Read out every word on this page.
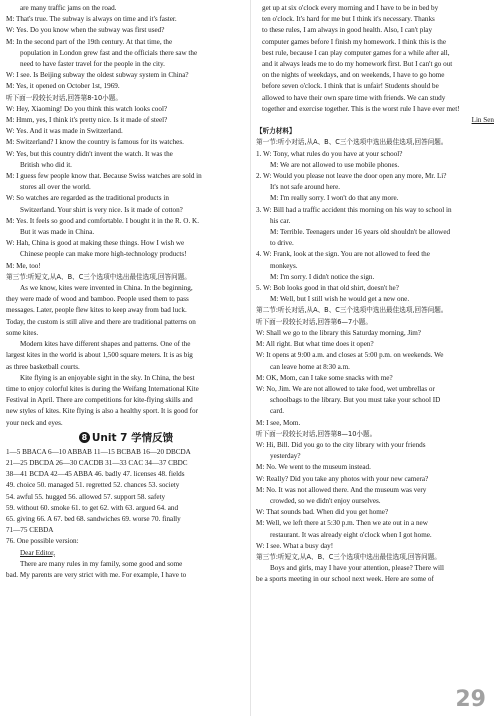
are many traffic jams on the road.
M: That's true. The subway is always on time and it's faster.
W: Yes. Do you know when the subway was first used?
M: In the second part of the 19th century. At that time, the
population in London grew fast and the officials there saw the
need to have faster travel for the people in the city.
W: I see. Is Beijing subway the oldest subway system in China?
M: Yes, it opened on October 1st, 1969.
听下面一段较长对话,回答第8-10小题。
W: Hey, Xiaoming! Do you think this watch looks cool?
M: Hmm, yes, I think it's pretty nice. Is it made of steel?
W: Yes. And it was made in Switzerland.
M: Switzerland? I know the country is famous for its watches.
W: Yes, but this country didn't invent the watch. It was the
British who did it.
M: I guess few people know that. Because Swiss watches are sold in
stores all over the world.
W: So watches are regarded as the traditional products in
Switzerland. Your shirt is very nice. Is it made of cotton?
M: Yes. It feels so good and comfortable. I bought it in the R. O. K.
But it was made in China.
W: Hah, China is good at making these things. How I wish we
Chinese people can make more high-technology products!
M: Me, too!
第三节:听短文,从A、B、C三个选项中选出最佳选项,回答问题。
As we know, kites were invented in China. In the beginning,
they were made of wood and bamboo. People used them to pass
messages. Later, people flew kites to keep away from bad luck.
Today, the custom is still alive and there are traditional patterns on
some kites.
Modern kites have different shapes and patterns. One of the
largest kites in the world is about 1,500 square meters. It is as big
as three basketball courts.
Kite flying is an enjoyable sight in the sky. In China, the best
time to enjoy colorful kites is during the Weifang International Kite
Festival in April. There are competitions for kite-flying skills and
new styles of kites. Kite flying is also a healthy sport. It is good for
your neck and eyes.
8 Unit 7 学情反馈
1—5 BBACA 6—10 ABBAB 11—15 BCBAB 16—20 DBCDA
21—25 DBCDA 26—30 CACDB 31—33 CAC 34—37 CBDC
38—41 BCDA 42—45 ABBA 46. badly 47. licenses 48. fields
49. choice 50. managed 51. regretted 52. chances 53. society
54. awful 55. hugged 56. allowed 57. support 58. safety
59. without 60. smoke 61. to get 62. with 63. argued 64. and
65. giving 66. A 67. bed 68. sandwiches 69. worse 70. finally
71—75 CEBDA
76. One possible version:
Dear Editor,
There are many rules in my family, some good and some
bad. My parents are very strict with me. For example, I have to
get up at six o'clock every morning and I have to be in bed by
ten o'clock. It's hard for me but I think it's necessary. Thanks
to these rules, I am always in good health. Also, I can't play
computer games before I finish my homework. I think this is the
best rule, because I can play computer games for a while after all,
and it always leads me to do my homework first. But I can't go out
on the nights of weekdays, and on weekends, I have to go home
before seven o'clock. I think that is unfair! Students should be
allowed to have their own spare time with friends. We can study
together and exercise together. This is the worst rule I have ever met!
Lin Sen
【听力材料】
第一节:听小对话,从A、B、C三个选项中选出最佳选项,回答问题。
1. W: Tony, what rules do you have at your school?
M: We are not allowed to use mobile phones.
2. W: Would you please not leave the door open any more, Mr. Li?
It's not safe around here.
M: I'm really sorry. I won't do that any more.
3. W: Bill had a traffic accident this morning on his way to school in
his car.
M: Terrible. Teenagers under 16 years old shouldn't be allowed
to drive.
4. W: Frank, look at the sign. You are not allowed to feed the
monkeys.
M: I'm sorry. I didn't notice the sign.
5. W: Bob looks good in that old shirt, doesn't he?
M: Well, but I still wish he would get a new one.
第二节:听长对话,从A、B、C三个选项中选出最佳选项,回答问题。
听下面一段较长对话,回答第6—7小题。
W: Shall we go to the library this Saturday morning, Jim?
M: All right. But what time does it open?
W: It opens at 9:00 a.m. and closes at 5:00 p.m. on weekends. We
can leave home at 8:30 a.m.
M: OK, Mom, can I take some snacks with me?
W: No, Jim. We are not allowed to take food, wet umbrellas or
schoolbags to the library. But you must take your school ID
card.
M: I see, Mom.
听下面一段较长对话,回答第8—10小题。
W: Hi, Bill. Did you go to the city library with your friends
yesterday?
M: No. We went to the museum instead.
W: Really? Did you take any photos with your new camera?
M: No. It was not allowed there. And the museum was very
crowded, so we didn't enjoy ourselves.
W: That sounds bad. When did you get home?
M: Well, we left there at 5:30 p.m. Then we ate out in a new
restaurant. It was already eight o'clock when I got home.
W: I see. What a busy day!
第三节:听短文,从A、B、C三个选项中选出最佳选项,回答问题。
Boys and girls, may I have your attention, please? There will
be a sports meeting in our school next week. Here are some of
29
